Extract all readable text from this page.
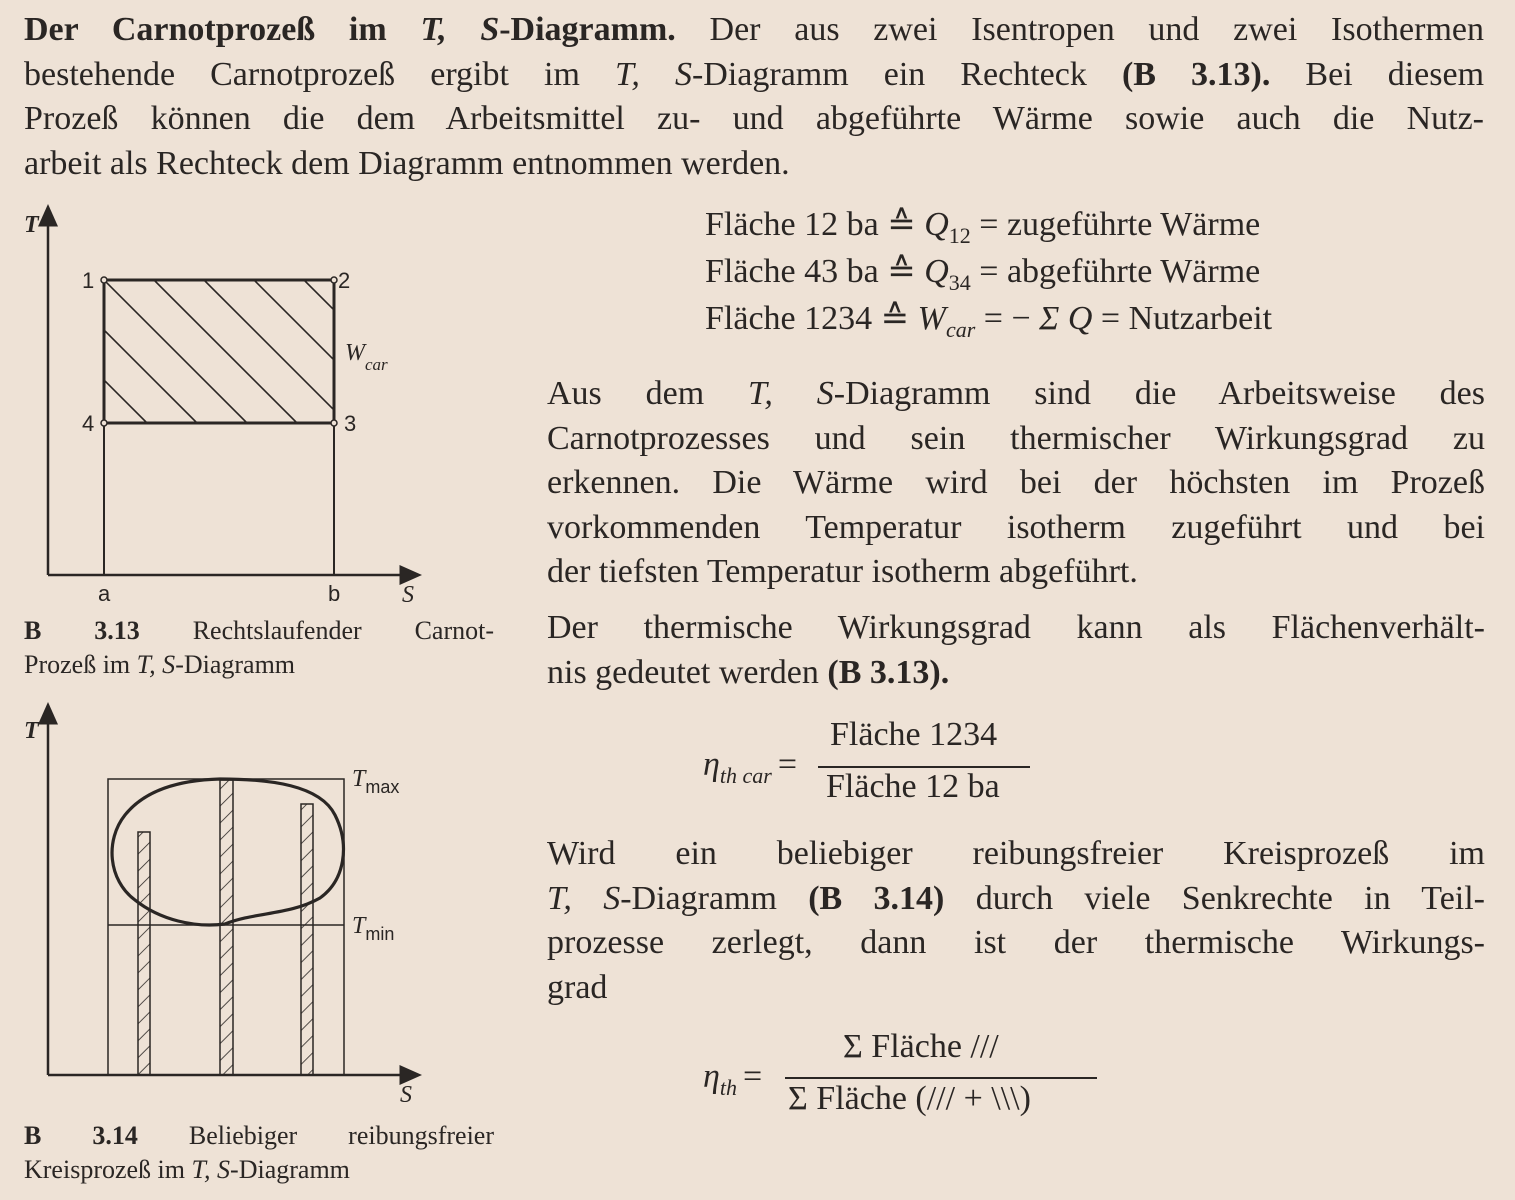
Der Carnotprozeß im T, S-Diagramm. Der aus zwei Isentropen und zwei Isothermen
bestehende Carnotprozeß ergibt im T, S-Diagramm ein Rechteck (B 3.13). Bei diesem
Prozeß können die dem Arbeitsmittel zu- und abgeführte Wärme sowie auch die Nutz-
arbeit als Rechteck dem Diagramm entnommen werden.
T
1	2
3
4
a	b	S
$W_{car}$
B 3.13 Rechtslaufender Carnot-
Prozeß im T, S-Diagramm
T
S
$T_{max}$
$T_{min}$
B 3.14 Beliebiger reibungsfreier
Kreisprozeß im T, S-Diagramm
Fläche 12 ba ≙ $Q_{12}$ = zugeführte Wärme
Fläche 43 ba ≙ $Q_{34}$ = abgeführte Wärme
Fläche 1234 ≙ $W_{car}$ = − Σ Q = Nutzarbeit
Aus dem T, S-Diagramm sind die Arbeitsweise des
Carnotprozesses und sein thermischer Wirkungsgrad zu
erkennen. Die Wärme wird bei der höchsten im Prozeß
vorkommenden Temperatur isotherm zugeführt und bei
der tiefsten Temperatur isotherm abgeführt.
Der thermische Wirkungsgrad kann als Flächenverhält-
nis gedeutet werden (B 3.13).
$\eta_{th car}$ =
Fläche 1234
Fläche 12 ba
Wird ein beliebiger reibungsfreier Kreisprozeß im
T, S-Diagramm (B 3.14) durch viele Senkrechte in Teil-
prozesse zerlegt, dann ist der thermische Wirkungs-
grad
$\eta_{th}$ =
Σ Fläche ///
Σ Fläche (/// + \\\)
